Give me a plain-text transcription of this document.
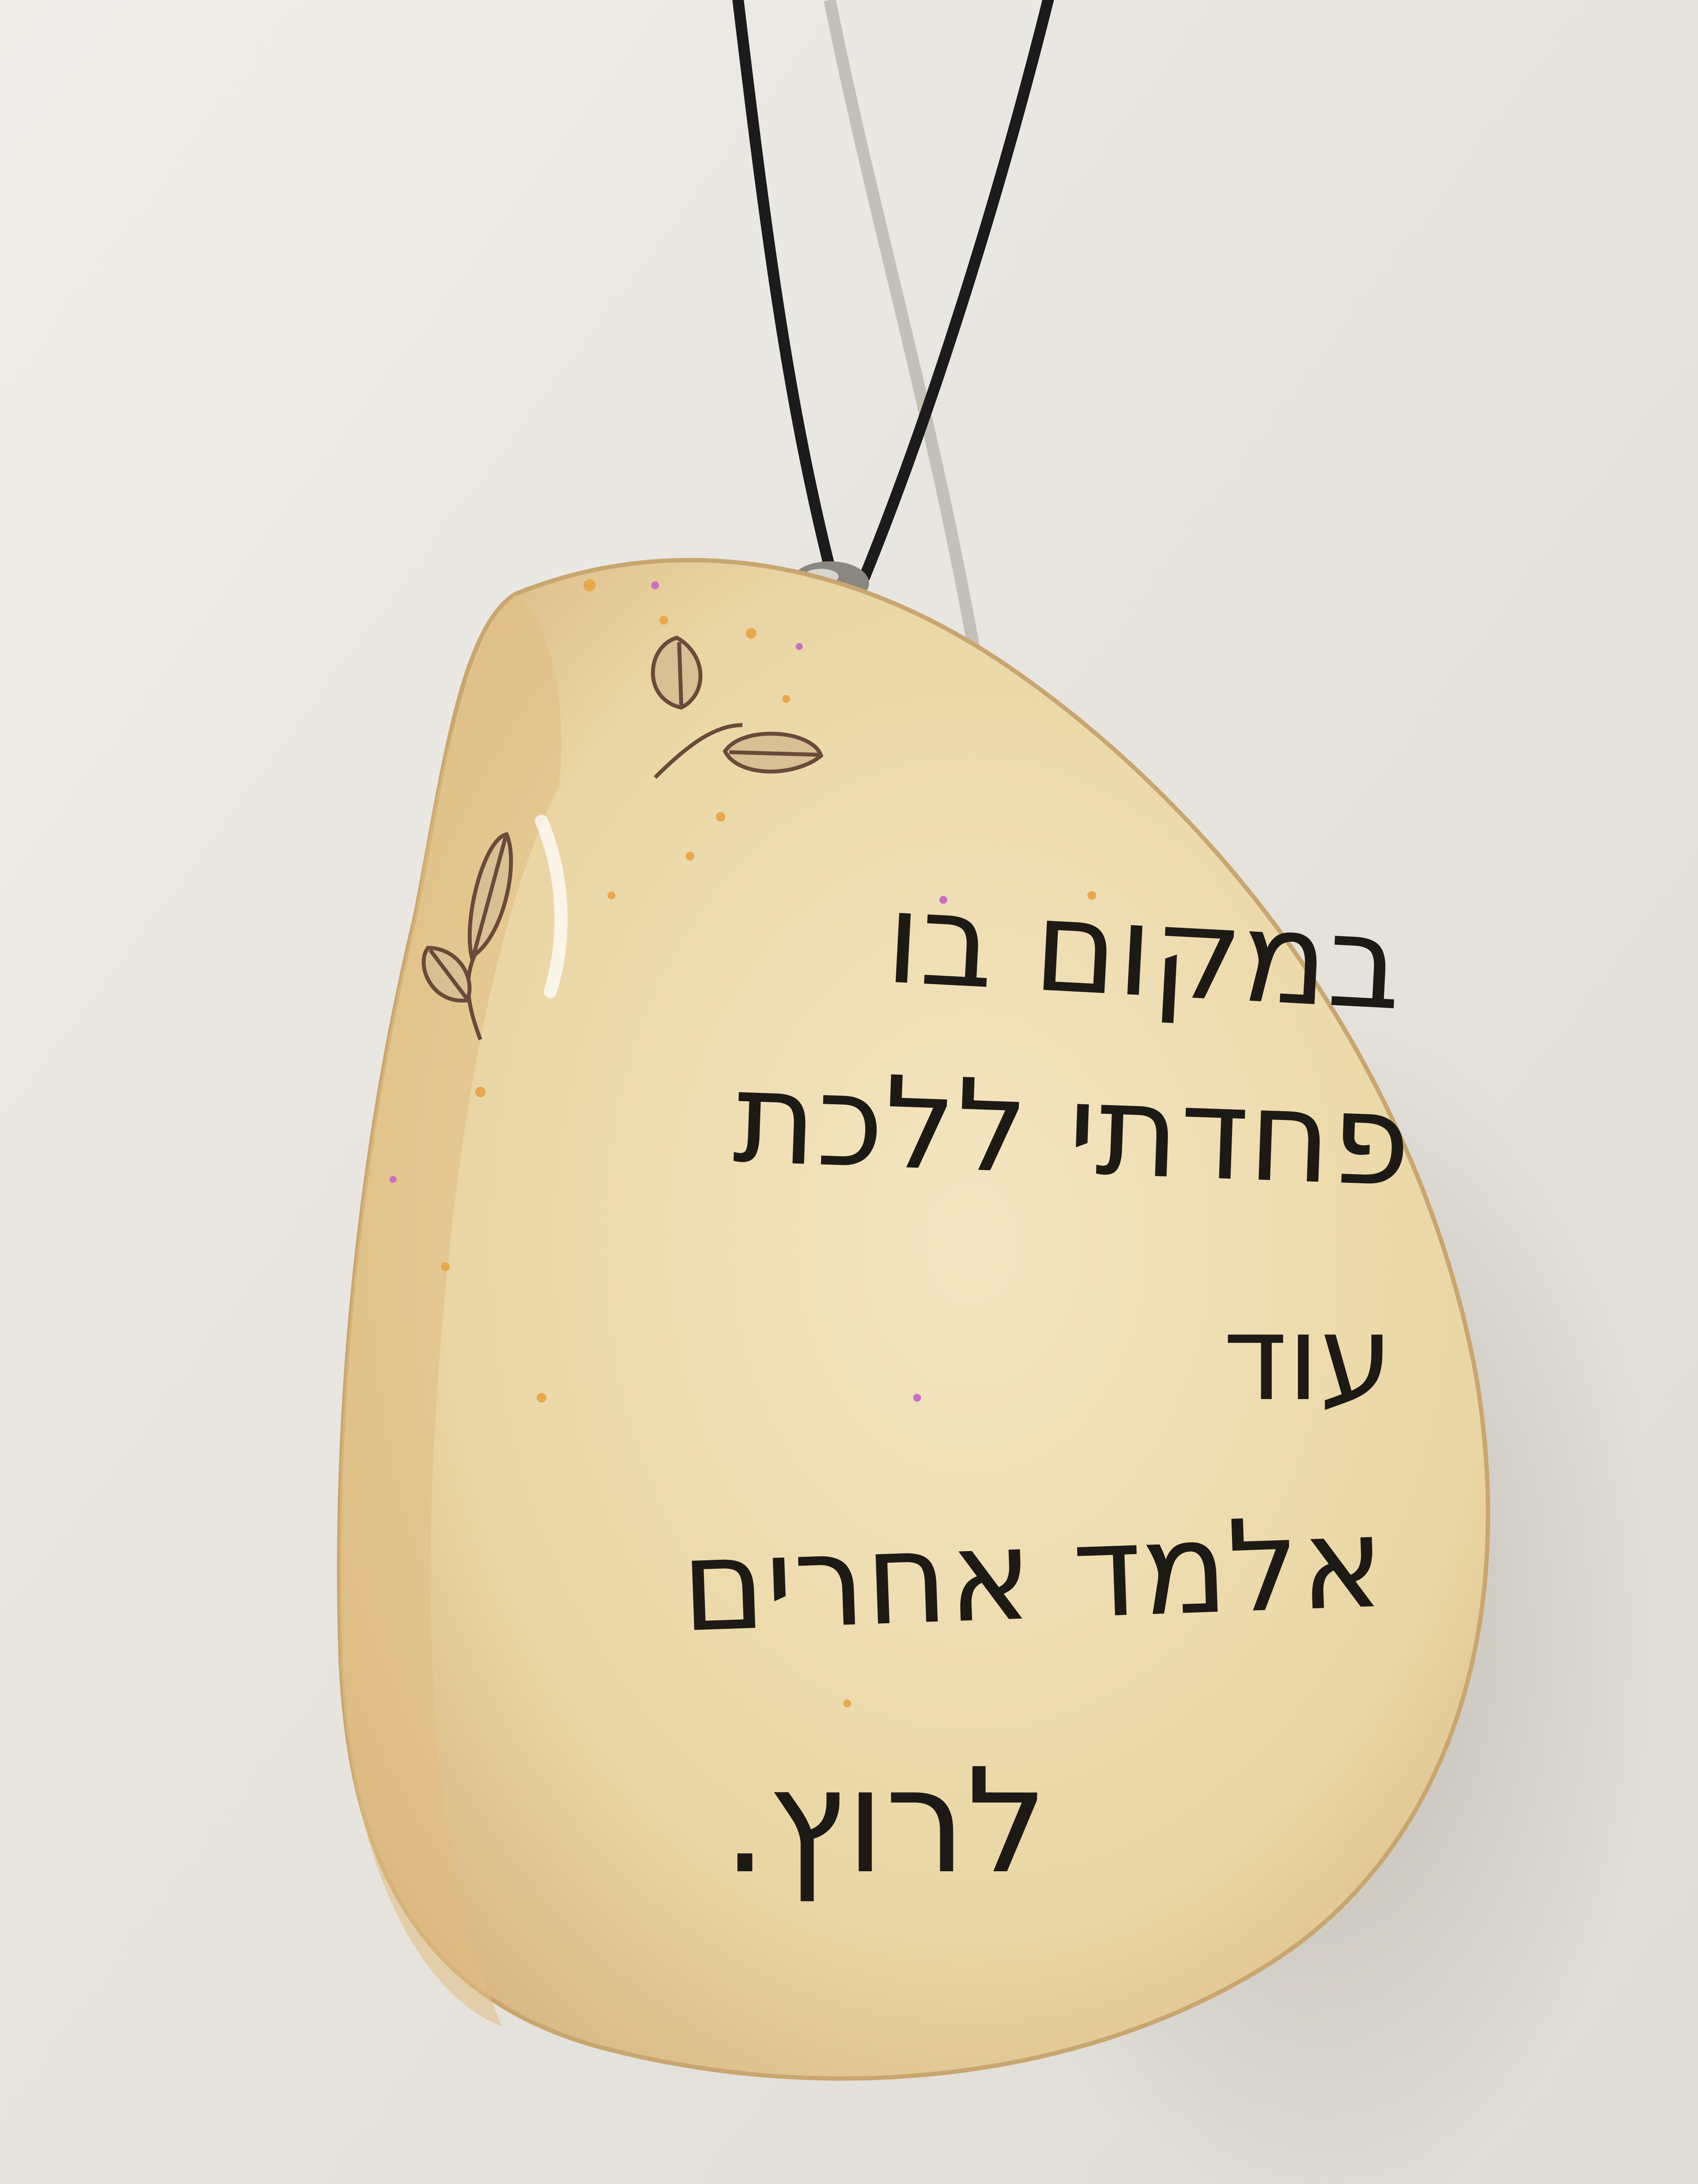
במקום בו
פחדתי ללכת
עוד
אלמד אחרים
לרוץ.
